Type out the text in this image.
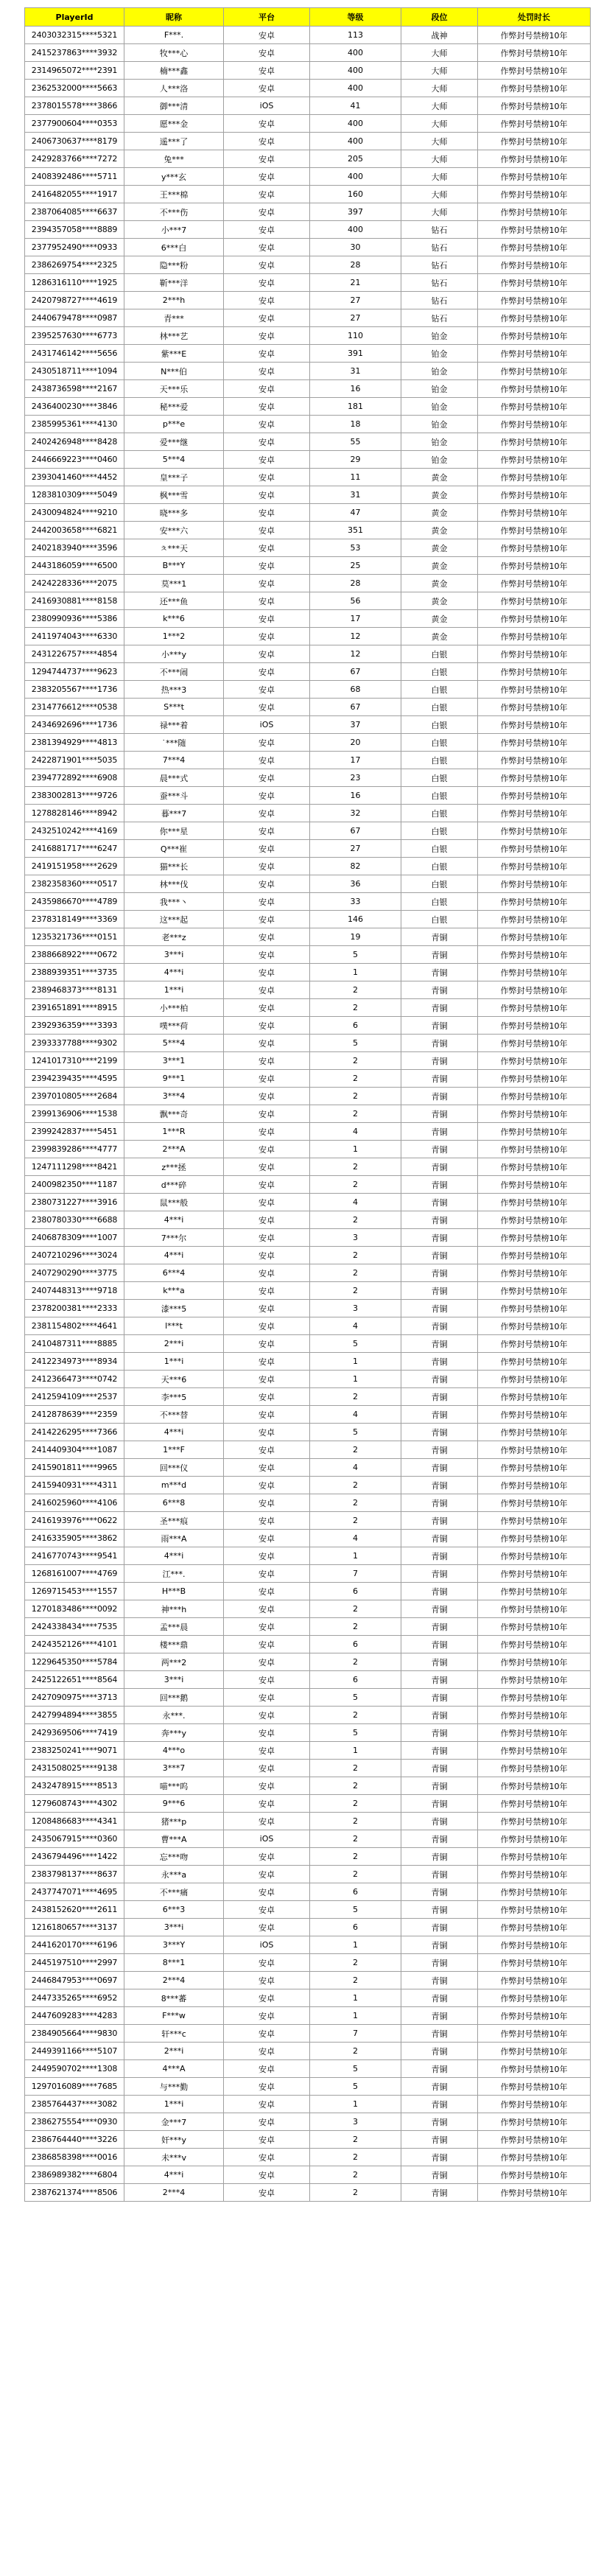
PlayerId	昵称	平台	等级	段位	处罚时长
2403032315****5321	F***.	安卓	113	战神	作弊封号禁榜10年
2415237863****3932	牧***心	安卓	400	大师	作弊封号禁榜10年
2314965072****2391	楠***鑫	安卓	400	大师	作弊封号禁榜10年
2362532000****5663	人***洛	安卓	400	大师	作弊封号禁榜10年
2378015578****3866	御***清	iOS	41	大师	作弊封号禁榜10年
2377900604****0353	愿***金	安卓	400	大师	作弊封号禁榜10年
2406730637****8179	遥***了	安卓	400	大师	作弊封号禁榜10年
2429283766****7272	兔***	安卓	205	大师	作弊封号禁榜10年
2408392486****5711	y***玄	安卓	400	大师	作弊封号禁榜10年
2416482055****1917	王***棉	安卓	160	大师	作弊封号禁榜10年
2387064085****6637	不***伤	安卓	397	大师	作弊封号禁榜10年
2394357058****8889	小***7	安卓	400	钻石	作弊封号禁榜10年
2377952490****0933	6***白	安卓	30	钻石	作弊封号禁榜10年
2386269754****2325	隐***粉	安卓	28	钻石	作弊封号禁榜10年
1286316110****1925	靳***洋	安卓	21	钻石	作弊封号禁榜10年
2420798727****4619	2***h	安卓	27	钻石	作弊封号禁榜10年
2440679478****0987	青***	安卓	27	钻石	作弊封号禁榜10年
2395257630****6773	林***艺	安卓	110	铂金	作弊封号禁榜10年
2431746142****5656	紫***E	安卓	391	铂金	作弊封号禁榜10年
2430518711****1094	N***伯	安卓	31	铂金	作弊封号禁榜10年
2438736598****2167	天***乐	安卓	16	铂金	作弊封号禁榜10年
2436400230****3846	秘***爱	安卓	181	铂金	作弊封号禁榜10年
2385995361****4130	p***e	安卓	18	铂金	作弊封号禁榜10年
2402426948****8428	爱***继	安卓	55	铂金	作弊封号禁榜10年
2446669223****0460	5***4	安卓	29	铂金	作弊封号禁榜10年
2393041460****4452	皇***子	安卓	11	黄金	作弊封号禁榜10年
1283810309****5049	枫***雪	安卓	31	黄金	作弊封号禁榜10年
2430094824****9210	晓***多	安卓	47	黄金	作弊封号禁榜10年
2442003658****6821	安***六	安卓	351	黄金	作弊封号禁榜10年
2402183940****3596	ㅊ***天	安卓	53	黄金	作弊封号禁榜10年
2443186059****6500	B***Y	安卓	25	黄金	作弊封号禁榜10年
2424228336****2075	莫***1	安卓	28	黄金	作弊封号禁榜10年
2416930881****8158	还***鱼	安卓	56	黄金	作弊封号禁榜10年
2380990936****5386	k***6	安卓	17	黄金	作弊封号禁榜10年
2411974043****6330	1***2	安卓	12	黄金	作弊封号禁榜10年
2431226757****4854	小***y	安卓	12	白银	作弊封号禁榜10年
1294744737****9623	不***闹	安卓	67	白银	作弊封号禁榜10年
2383205567****1736	热***3	安卓	68	白银	作弊封号禁榜10年
2314776612****0538	S***t	安卓	67	白银	作弊封号禁榜10年
2434692696****1736	禄***着	iOS	37	白银	作弊封号禁榜10年
2381394929****4813	˙***随	安卓	20	白银	作弊封号禁榜10年
2422871901****5035	7***4	安卓	17	白银	作弊封号禁榜10年
2394772892****6908	晨***式	安卓	23	白银	作弊封号禁榜10年
2383002813****9726	蚕***斗	安卓	16	白银	作弊封号禁榜10年
1278828146****8942	暮***7	安卓	32	白银	作弊封号禁榜10年
2432510242****4169	你***星	安卓	67	白银	作弊封号禁榜10年
2416881717****6247	Q***崔	安卓	27	白银	作弊封号禁榜10年
2419151958****2629	猫***长	安卓	82	白银	作弊封号禁榜10年
2382358360****0517	林***伐	安卓	36	白银	作弊封号禁榜10年
2435986670****4789	我***丶	安卓	33	白银	作弊封号禁榜10年
2378318149****3369	这***起	安卓	146	白银	作弊封号禁榜10年
1235321736****0151	老***z	安卓	19	青铜	作弊封号禁榜10年
2388668922****0672	3***i	安卓	5	青铜	作弊封号禁榜10年
2388939351****3735	4***i	安卓	1	青铜	作弊封号禁榜10年
2389468373****8131	1***i	安卓	2	青铜	作弊封号禁榜10年
2391651891****8915	小***柏	安卓	2	青铜	作弊封号禁榜10年
2392936359****3393	噗***荷	安卓	6	青铜	作弊封号禁榜10年
2393337788****9302	5***4	安卓	5	青铜	作弊封号禁榜10年
1241017310****2199	3***1	安卓	2	青铜	作弊封号禁榜10年
2394239435****4595	9***1	安卓	2	青铜	作弊封号禁榜10年
2397010805****2684	3***4	安卓	2	青铜	作弊封号禁榜10年
2399136906****1538	飘***奇	安卓	2	青铜	作弊封号禁榜10年
2399242837****5451	1***R	安卓	4	青铜	作弊封号禁榜10年
2399839286****4777	2***A	安卓	1	青铜	作弊封号禁榜10年
1247111298****8421	z***拯	安卓	2	青铜	作弊封号禁榜10年
2400982350****1187	d***碎	安卓	2	青铜	作弊封号禁榜10年
2380731227****3916	鼠***般	安卓	4	青铜	作弊封号禁榜10年
2380780330****6688	4***i	安卓	2	青铜	作弊封号禁榜10年
2406878309****1007	7***尔	安卓	3	青铜	作弊封号禁榜10年
2407210296****3024	4***i	安卓	2	青铜	作弊封号禁榜10年
2407290290****3775	6***4	安卓	2	青铜	作弊封号禁榜10年
2407448313****9718	k***a	安卓	2	青铜	作弊封号禁榜10年
2378200381****2333	漆***5	安卓	3	青铜	作弊封号禁榜10年
2381154802****4641	l***t	安卓	4	青铜	作弊封号禁榜10年
2410487311****8885	2***i	安卓	5	青铜	作弊封号禁榜10年
2412234973****8934	1***i	安卓	1	青铜	作弊封号禁榜10年
2412366473****0742	天***6	安卓	1	青铜	作弊封号禁榜10年
2412594109****2537	李***5	安卓	2	青铜	作弊封号禁榜10年
2412878639****2359	不***替	安卓	4	青铜	作弊封号禁榜10年
2414226295****7366	4***i	安卓	5	青铜	作弊封号禁榜10年
2414409304****1087	1***F	安卓	2	青铜	作弊封号禁榜10年
2415901811****9965	回***仪	安卓	4	青铜	作弊封号禁榜10年
2415940931****4311	m***d	安卓	2	青铜	作弊封号禁榜10年
2416025960****4106	6***8	安卓	2	青铜	作弊封号禁榜10年
2416193976****0622	圣***痕	安卓	2	青铜	作弊封号禁榜10年
2416335905****3862	雨***A	安卓	4	青铜	作弊封号禁榜10年
2416770743****9541	4***i	安卓	1	青铜	作弊封号禁榜10年
1268161007****4769	江***.	安卓	7	青铜	作弊封号禁榜10年
1269715453****1557	H***B	安卓	6	青铜	作弊封号禁榜10年
1270183486****0092	神***h	安卓	2	青铜	作弊封号禁榜10年
2424338434****7535	孟***晨	安卓	2	青铜	作弊封号禁榜10年
2424352126****4101	楼***鼎	安卓	6	青铜	作弊封号禁榜10年
1229645350****5784	两***2	安卓	2	青铜	作弊封号禁榜10年
2425122651****8564	3***i	安卓	6	青铜	作弊封号禁榜10年
2427090975****3713	回***鹅	安卓	5	青铜	作弊封号禁榜10年
2427994894****3855	永***.	安卓	2	青铜	作弊封号禁榜10年
2429369506****7419	奔***y	安卓	5	青铜	作弊封号禁榜10年
2383250241****9071	4***o	安卓	1	青铜	作弊封号禁榜10年
2431508025****9138	3***7	安卓	2	青铜	作弊封号禁榜10年
2432478915****8513	喵***呜	安卓	2	青铜	作弊封号禁榜10年
1279608743****4302	9***6	安卓	2	青铜	作弊封号禁榜10年
1208486683****4341	猪***p	安卓	2	青铜	作弊封号禁榜10年
2435067915****0360	曹***A	iOS	2	青铜	作弊封号禁榜10年
2436794496****1422	忘***吻	安卓	2	青铜	作弊封号禁榜10年
2383798137****8637	永***a	安卓	2	青铜	作弊封号禁榜10年
2437747071****4695	不***痛	安卓	6	青铜	作弊封号禁榜10年
2438152620****2611	6***3	安卓	5	青铜	作弊封号禁榜10年
1216180657****3137	3***i	安卓	6	青铜	作弊封号禁榜10年
2441620170****6196	3***Y	iOS	1	青铜	作弊封号禁榜10年
2445197510****2997	8***1	安卓	2	青铜	作弊封号禁榜10年
2446847953****0697	2***4	安卓	2	青铜	作弊封号禁榜10年
2447335265****6952	8***蕃	安卓	1	青铜	作弊封号禁榜10年
2447609283****4283	F***w	安卓	1	青铜	作弊封号禁榜10年
2384905664****9830	轩***c	安卓	7	青铜	作弊封号禁榜10年
2449391166****5107	2***i	安卓	2	青铜	作弊封号禁榜10年
2449590702****1308	4***A	安卓	5	青铜	作弊封号禁榜10年
1297016089****7685	与***勤	安卓	5	青铜	作弊封号禁榜10年
2385764437****3082	1***i	安卓	1	青铜	作弊封号禁榜10年
2386275554****0930	金***7	安卓	3	青铜	作弊封号禁榜10年
2386764440****3226	奸***y	安卓	2	青铜	作弊封号禁榜10年
2386858398****0016	未***v	安卓	2	青铜	作弊封号禁榜10年
2386989382****6804	4***i	安卓	2	青铜	作弊封号禁榜10年
2387621374****8506	2***4	安卓	2	青铜	作弊封号禁榜10年
